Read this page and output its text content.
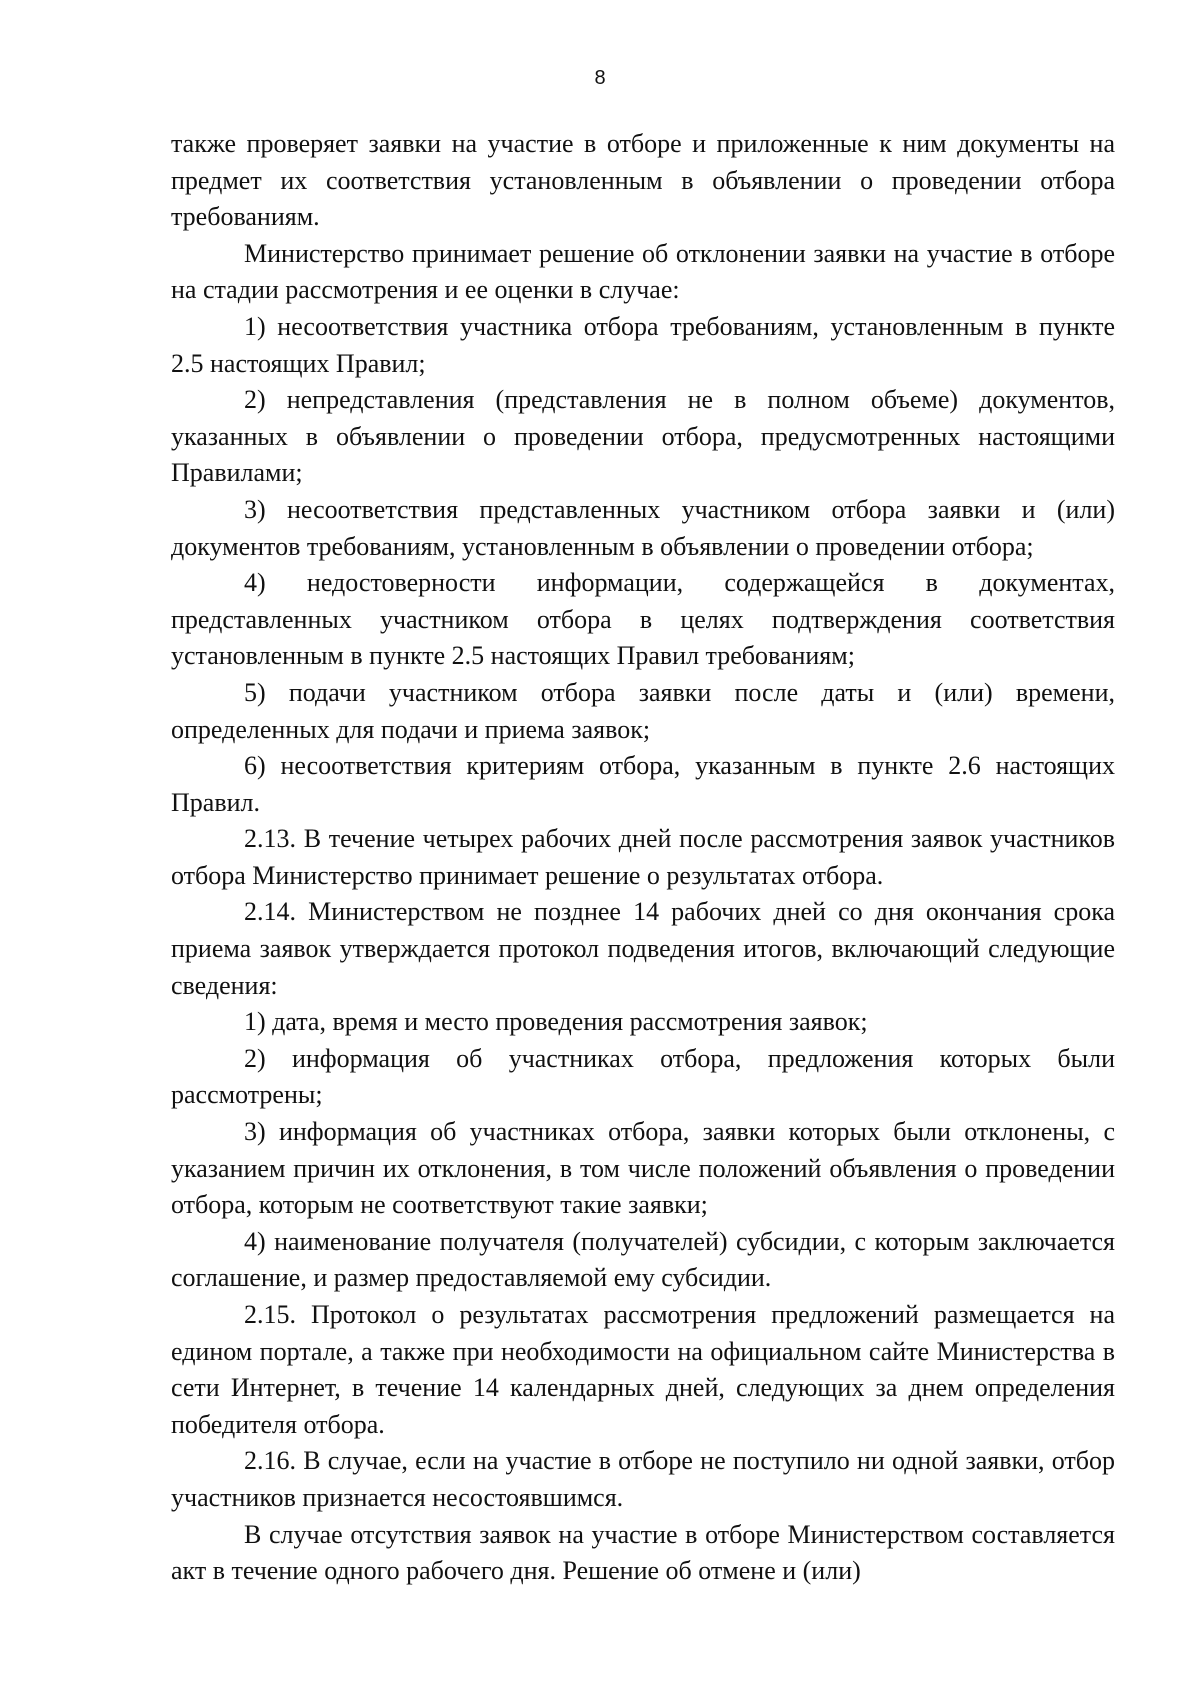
8

также проверяет заявки на участие в отборе и приложенные к ним документы на предмет их соответствия установленным в объявлении о проведении отбора требованиям.

Министерство принимает решение об отклонении заявки на участие в отборе на стадии рассмотрения и ее оценки в случае:

1) несоответствия участника отбора требованиям, установленным в пункте 2.5 настоящих Правил;

2) непредставления (представления не в полном объеме) документов, указанных в объявлении о проведении отбора, предусмотренных настоящими Правилами;

3) несоответствия представленных участником отбора заявки и (или) документов требованиям, установленным в объявлении о проведении отбора;

4) недостоверности информации, содержащейся в документах, представленных участником отбора в целях подтверждения соответствия установленным в пункте 2.5 настоящих Правил требованиям;

5) подачи участником отбора заявки после даты и (или) времени, определенных для подачи и приема заявок;

6) несоответствия критериям отбора, указанным в пункте 2.6 настоящих Правил.

2.13. В течение четырех рабочих дней после рассмотрения заявок участников отбора Министерство принимает решение о результатах отбора.

2.14. Министерством не позднее 14 рабочих дней со дня окончания срока приема заявок утверждается протокол подведения итогов, включающий следующие сведения:

1) дата, время и место проведения рассмотрения заявок;

2) информация об участниках отбора, предложения которых были рассмотрены;

3) информация об участниках отбора, заявки которых были отклонены, с указанием причин их отклонения, в том числе положений объявления о проведении отбора, которым не соответствуют такие заявки;

4) наименование получателя (получателей) субсидии, с которым заключается соглашение, и размер предоставляемой ему субсидии.

2.15. Протокол о результатах рассмотрения предложений размещается на едином портале, а также при необходимости на официальном сайте Министерства в сети Интернет, в течение 14 календарных дней, следующих за днем определения победителя отбора.

2.16. В случае, если на участие в отборе не поступило ни одной заявки, отбор участников признается несостоявшимся.

В случае отсутствия заявок на участие в отборе Министерством составляется акт в течение одного рабочего дня. Решение об отмене и (или)
